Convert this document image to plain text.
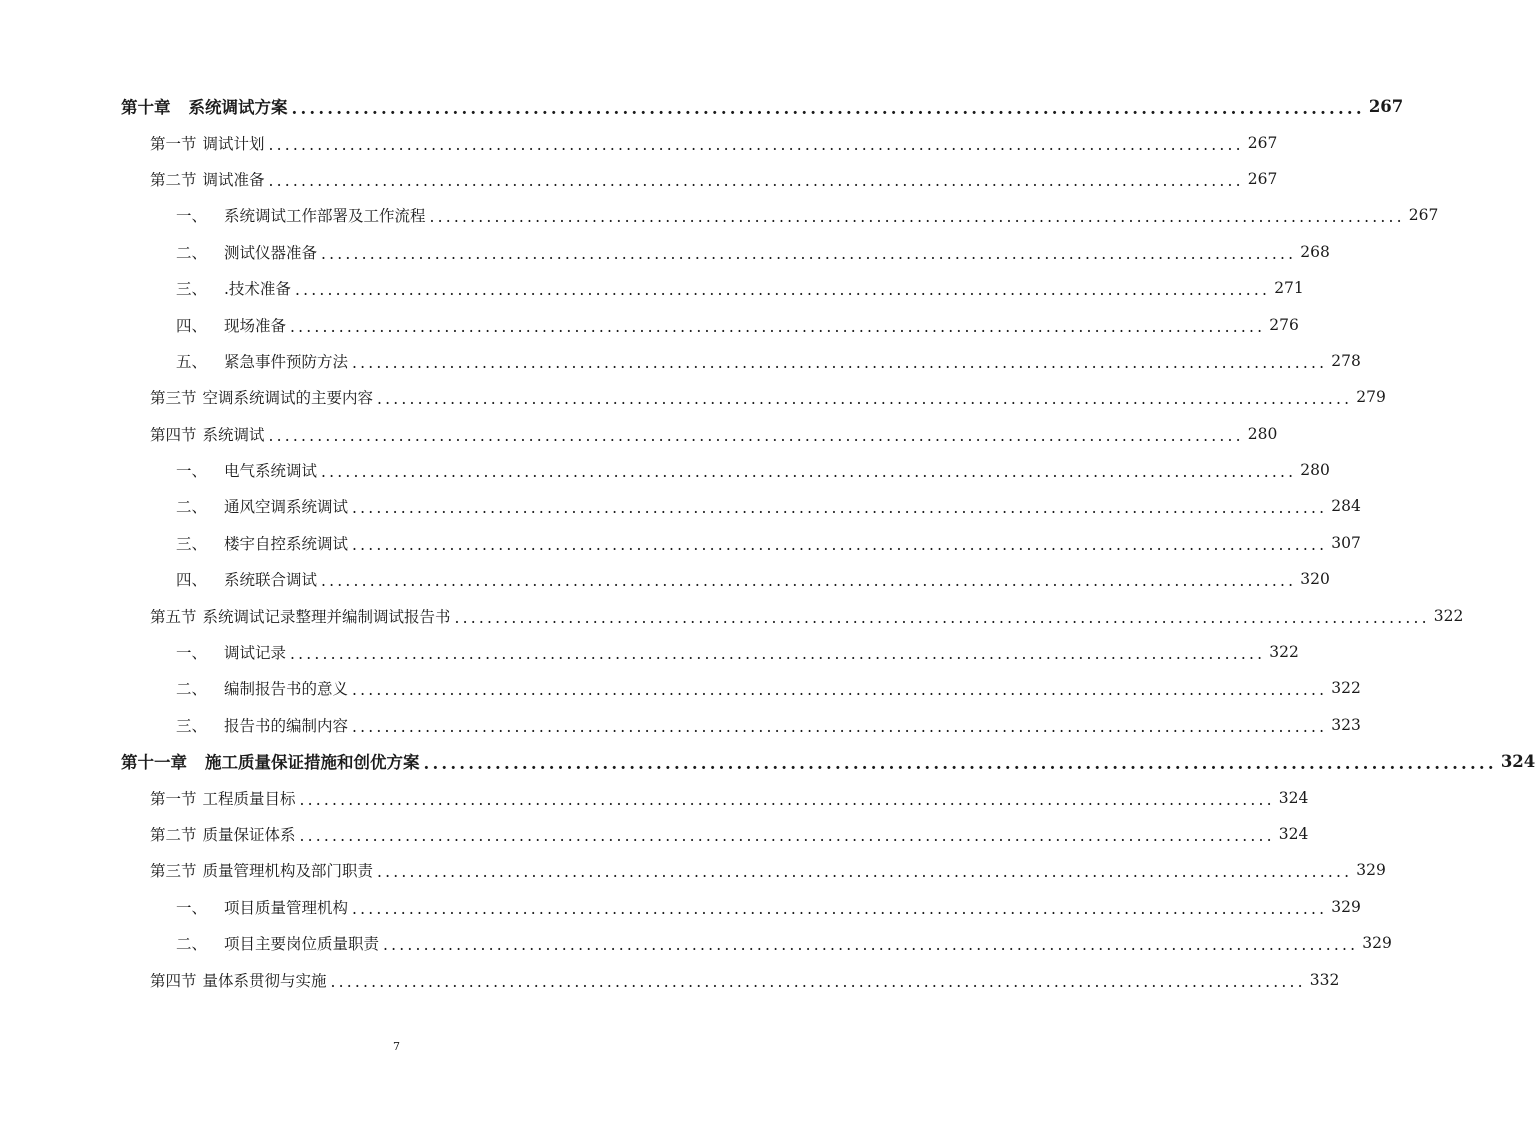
第十章 系统调试方案 ........................................................................................................................ 267
第一节 调试计划 ........................................................................................................................ 267
第二节 调试准备 ........................................................................................................................ 267
一、 系统调试工作部署及工作流程 ........................................................................................................................ 267
二、 测试仪器准备 ........................................................................................................................ 268
三、 .技术准备 ........................................................................................................................ 271
四、 现场准备 ........................................................................................................................ 276
五、 紧急事件预防方法 ........................................................................................................................ 278
第三节 空调系统调试的主要内容 ........................................................................................................................ 279
第四节 系统调试 ........................................................................................................................ 280
一、 电气系统调试 ........................................................................................................................ 280
二、 通风空调系统调试 ........................................................................................................................ 284
三、 楼宇自控系统调试 ........................................................................................................................ 307
四、 系统联合调试 ........................................................................................................................ 320
第五节 系统调试记录整理并编制调试报告书 ........................................................................................................................ 322
一、 调试记录 ........................................................................................................................ 322
二、 编制报告书的意义 ........................................................................................................................ 322
三、 报告书的编制内容 ........................................................................................................................ 323
第十一章 施工质量保证措施和创优方案 ........................................................................................................................ 324
第一节 工程质量目标 ........................................................................................................................ 324
第二节 质量保证体系 ........................................................................................................................ 324
第三节 质量管理机构及部门职责 ........................................................................................................................ 329
一、 项目质量管理机构 ........................................................................................................................ 329
二、 项目主要岗位质量职责 ........................................................................................................................ 329
第四节 量体系贯彻与实施 ........................................................................................................................ 332
7
